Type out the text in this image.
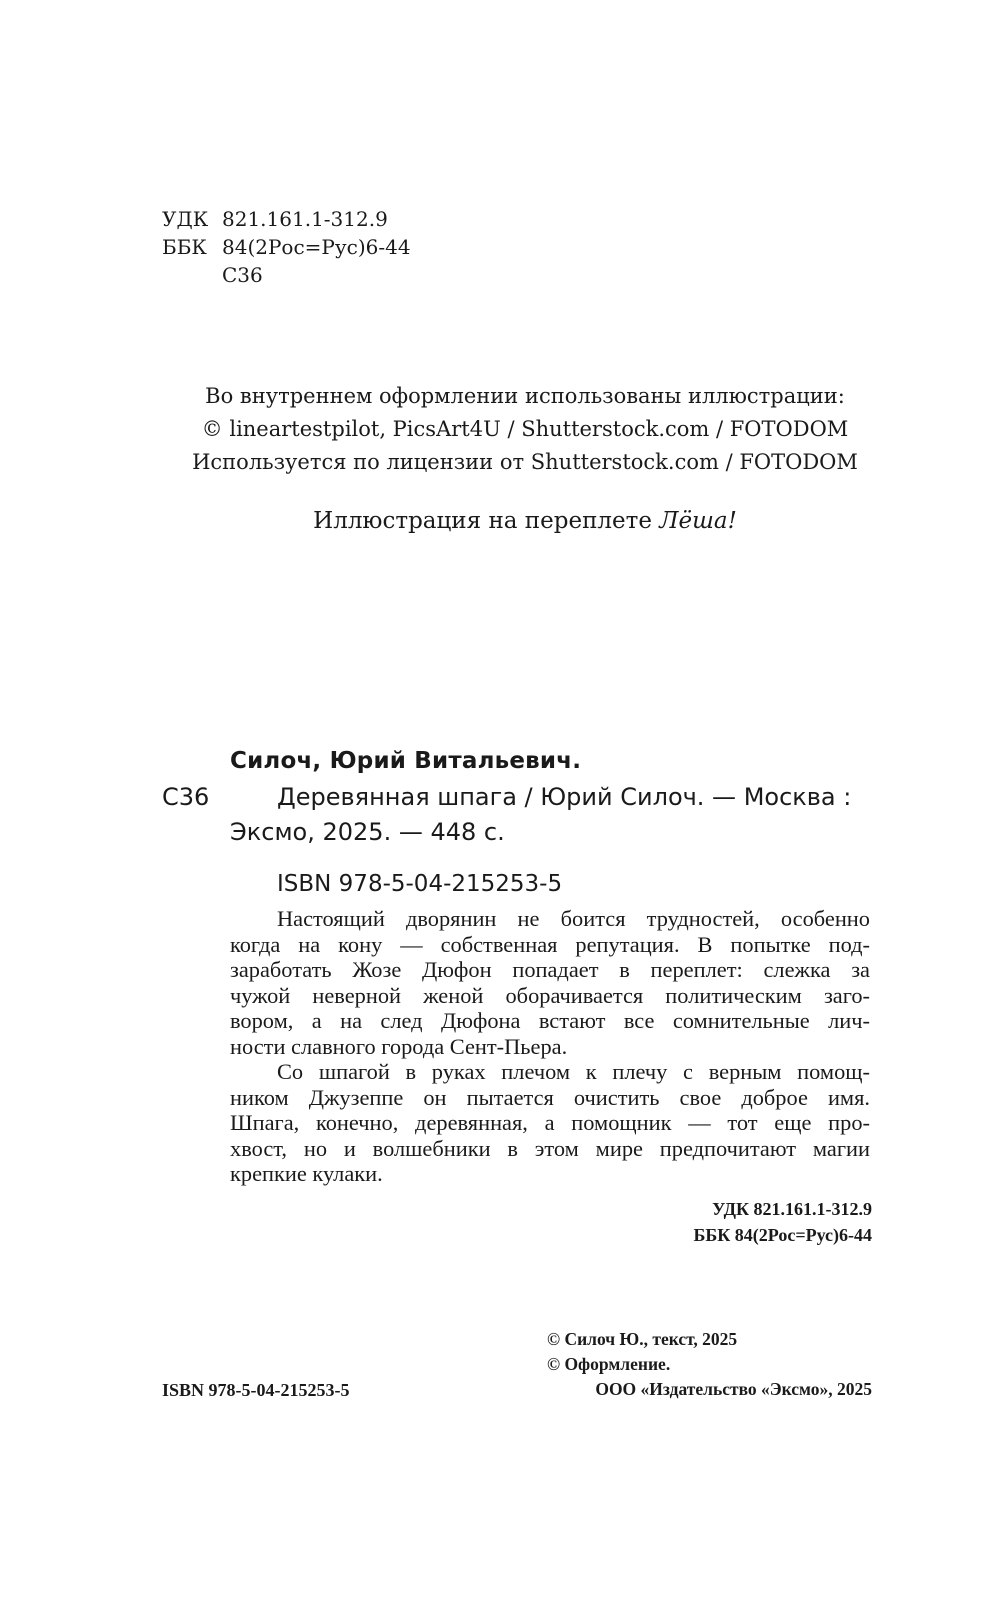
УДК 821.161.1-312.9
ББК 84(2Рос=Рус)6-44
С36
Во внутреннем оформлении использованы иллюстрации:
© lineartestpilot, PicsArt4U / Shutterstock.com / FOTODOM
Используется по лицензии от Shutterstock.com / FOTODOM
Иллюстрация на переплете Лёша!
Силоч, Юрий Витальевич.
С36	Деревянная шпага / Юрий Силоч. — Москва :
Эксмо, 2025. — 448 с.
ISBN 978-5-04-215253-5
Настоящий дворянин не боится трудностей, особенно
когда на кону — собственная репутация. В попытке под-
заработать Жозе Дюфон попадает в переплет: слежка за
чужой неверной женой оборачивается политическим заго-
вором, а на след Дюфона встают все сомнительные лич-
ности славного города Сент-Пьера.
Со шпагой в руках плечом к плечу с верным помощ-
ником Джузеппе он пытается очистить свое доброе имя.
Шпага, конечно, деревянная, а помощник — тот еще про-
хвост, но и волшебники в этом мире предпочитают магии
крепкие кулаки.
УДК 821.161.1-312.9
ББК 84(2Рос=Рус)6-44
ISBN 978-5-04-215253-5
© Силоч Ю., текст, 2025
© Оформление.
ООО «Издательство «Эксмо», 2025
